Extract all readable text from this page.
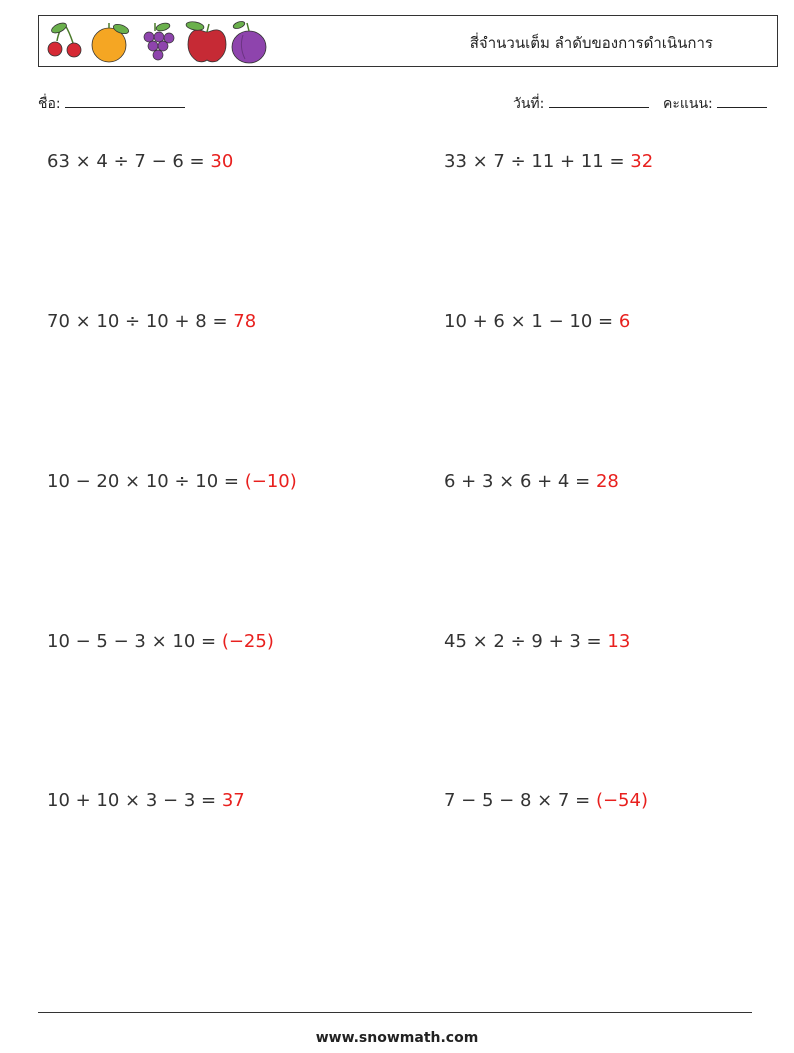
สี่จำนวนเต็ม ลำดับของการดำเนินการ
ชื่อ:	วันที่:	คะแนน:
63 × 4 ÷ 7 − 6 = 30	33 × 7 ÷ 11 + 11 = 32
70 × 10 ÷ 10 + 8 = 78	10 + 6 × 1 − 10 = 6
10 − 20 × 10 ÷ 10 = (−10)	6 + 3 × 6 + 4 = 28
10 − 5 − 3 × 10 = (−25)	45 × 2 ÷ 9 + 3 = 13
10 + 10 × 3 − 3 = 37	7 − 5 − 8 × 7 = (−54)
www.snowmath.com
